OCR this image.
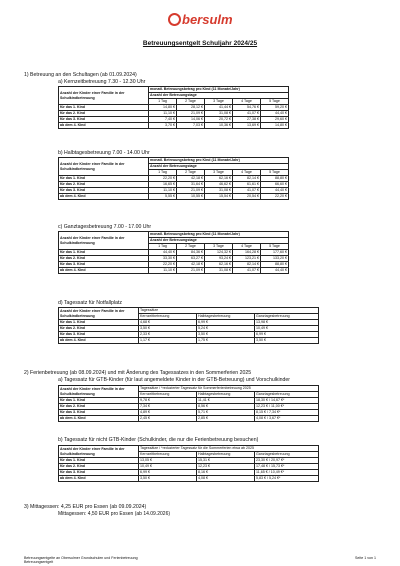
bersulm
Betreuungsentgelt Schuljahr 2024/25
1) Betreuung an den Schultagen (ab 01.09.2024)
a) Kernzeitbetreuung 7.30 - 12.30 Uhr
Anzahl der Kinder einer Familie in der Schulkindbetreuung	monatl. Betreuungsbetrag pro Kind (11 Monate/Jahr)				
	Anzahl der Betreuungstage				
	1 Tag	2 Tage	3 Tage	4 Tage	5 Tage
für das 1. Kind	14,80 €	28,12 €	41,44 €	54,76 €	59,20 €
für das 2. Kind	11,10 €	21,09 €	31,08 €	41,07 €	44,40 €
für das 3. Kind	7,40 €	14,06 €	20,72 €	27,38 €	29,60 €
ab dem 4. Kind	3,70 €	7,03 €	10,36 €	13,69 €	14,80 €
b) Halbtagesbetreuung 7.00 - 14.00 Uhr
Anzahl der Kinder einer Familie in der Schulkindbetreuung	monatl. Betreuungsbetrag pro Kind (11 Monate/Jahr)				
	Anzahl der Betreuungstage				
	1 Tag	2 Tage	3 Tage	4 Tage	5 Tage
für das 1. Kind	22,20 €	42,18 €	62,16 €	82,14 €	88,80 €
für das 2. Kind	16,65 €	31,64 €	46,62 €	61,61 €	66,60 €
für das 3. Kind	11,10 €	21,09 €	31,08 €	41,07 €	44,40 €
ab dem 4. Kind	5,55 €	10,55 €	15,54 €	20,54 €	22,20 €
c) Ganztagesbetreuung 7.00 - 17.00 Uhr
Anzahl der Kinder einer Familie in der Schulkindbetreuung	monatl. Betreuungsbetrag pro Kind (11 Monate/Jahr)				
	Anzahl der Betreuungstage				
	1 Tag	2 Tage	3 Tage	4 Tage	5 Tage
für das 1. Kind	44,40 €	84,36 €	124,32 €	164,28 €	177,60 €
für das 2. Kind	33,30 €	63,27 €	93,24 €	123,21 €	133,20 €
für das 3. Kind	22,20 €	42,18 €	62,16 €	82,14 €	88,80 €
ab dem 4. Kind	11,10 €	21,09 €	31,08 €	41,07 €	44,40 €
d) Tagessatz für Notfallplatz
Anzahl der Kinder einer Familie in der Schulkindbetreuung	Tagessätze		
	Kernzeitbetreuung	Halbtagesbetreuung	Ganztagesbetreuung
für das 1. Kind	4,68 €	6,99 €	13,98 €
für das 2. Kind	3,50 €	5,24 €	10,49 €
für das 3. Kind	2,33 €	3,50 €	6,99 €
ab dem 4. Kind	1,17 €	1,75 €	3,50 €
2) Ferienbetreuung (ab 08.09.2024) und mit Änderung des Tagessatzes in den Sommerferien 2025
a) Tagessatz für GTB-Kinder (für laut angemeldete Kinder in der GTB-Betreuung) und Vorschulkinder
Anzahl der Kinder einer Familie in der Schulkindbetreuung	Tagessätze / *reduzierter Tagessatz für Sommerferienbetreuung 2025		
	Kernzeitbetreuung	Halbtagesbetreuung	Ganztagesbetreuung
für das 1. Kind	9,78 €	11,41 €	18,30 € / 14,67 €*
für das 2. Kind	7,34 €	8,56 €	12,23 € / 11,00 €*
für das 3. Kind	4,89 €	5,71 €	8,15 € / 7,34 €*
ab dem 4. Kind	2,45 €	2,85 €	4,08 € / 3,67 €*
b) Tagessatz für nicht GTB-Kinder (Schulkinder, die nur die Ferienbetreuung besuchen)
Anzahl der Kinder einer Familie in der Schulkindbetreuung	Tagessätze / *reduzierter Tagessatz für die Sommerferien etwa ab 2025		
	Kernzeitbetreuung	Halbtagesbetreuung	Ganztagesbetreuung
für das 1. Kind	13,05 €	15,31 €	23,30 € / 20,97 €*
für das 2. Kind	10,49 €	12,23 €	17,48 € / 15,73 €*
für das 3. Kind	6,99 €	8,16 €	11,65 € / 10,49 €*
ab dem 4. Kind	3,50 €	4,08 €	5,83 € / 5,24 €*
3) Mittagessen: 4,25 EUR pro Essen (ab 09.09.2024)
Mittagessen: 4,50 EUR pro Essen (ab 14.09.2026)
Betreuungsentgelte an Obersulmer Grundschulen und Ferienbetreuung
Betreuungsentgelt
Seite 1 von 1
